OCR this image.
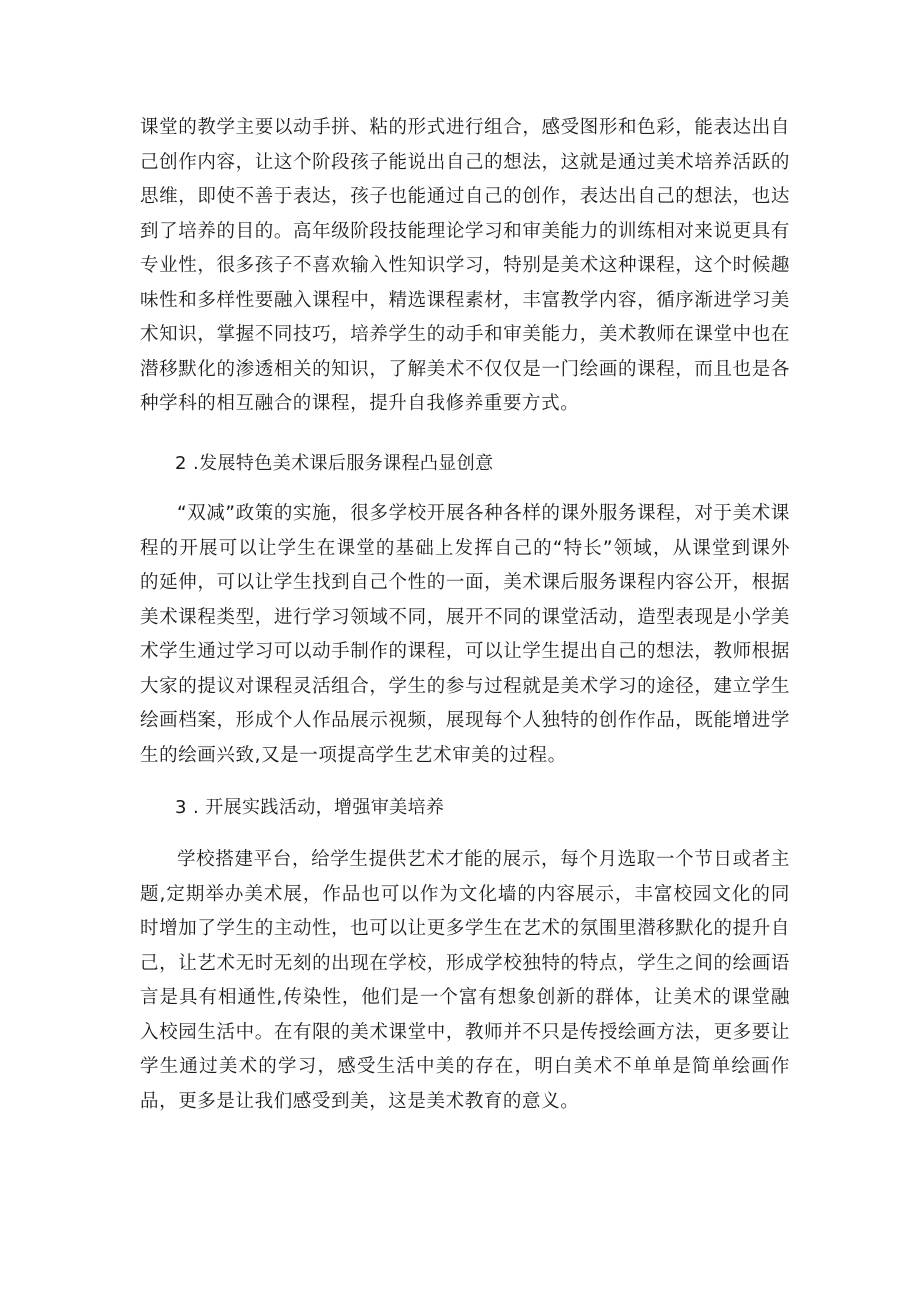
课堂的教学主要以动手拼、粘的形式进行组合，感受图形和色彩，能表达出自己创作内容，让这个阶段孩子能说出自己的想法，这就是通过美术培养活跃的思维，即使不善于表达，孩子也能通过自己的创作，表达出自己的想法，也达到了培养的目的。高年级阶段技能理论学习和审美能力的训练相对来说更具有专业性，很多孩子不喜欢输入性知识学习，特别是美术这种课程，这个时候趣味性和多样性要融入课程中，精选课程素材，丰富教学内容，循序渐进学习美术知识，掌握不同技巧，培养学生的动手和审美能力，美术教师在课堂中也在潜移默化的渗透相关的知识，了解美术不仅仅是一门绘画的课程，而且也是各种学科的相互融合的课程，提升自我修养重要方式。

2 .发展特色美术课后服务课程凸显创意

“双减”政策的实施，很多学校开展各种各样的课外服务课程，对于美术课程的开展可以让学生在课堂的基础上发挥自己的“特长”领域，从课堂到课外的延伸，可以让学生找到自己个性的一面，美术课后服务课程内容公开，根据美术课程类型，进行学习领域不同，展开不同的课堂活动，造型表现是小学美术学生通过学习可以动手制作的课程，可以让学生提出自己的想法，教师根据大家的提议对课程灵活组合，学生的参与过程就是美术学习的途径，建立学生绘画档案，形成个人作品展示视频，展现每个人独特的创作作品，既能增进学生的绘画兴致,又是一项提高学生艺术审美的过程。

3 . 开展实践活动，增强审美培养

学校搭建平台，给学生提供艺术才能的展示，每个月选取一个节日或者主题,定期举办美术展，作品也可以作为文化墙的内容展示，丰富校园文化的同时增加了学生的主动性，也可以让更多学生在艺术的氛围里潜移默化的提升自己，让艺术无时无刻的出现在学校，形成学校独特的特点，学生之间的绘画语言是具有相通性,传染性，他们是一个富有想象创新的群体，让美术的课堂融入校园生活中。在有限的美术课堂中，教师并不只是传授绘画方法，更多要让学生通过美术的学习，感受生活中美的存在，明白美术不单单是简单绘画作品，更多是让我们感受到美，这是美术教育的意义。
